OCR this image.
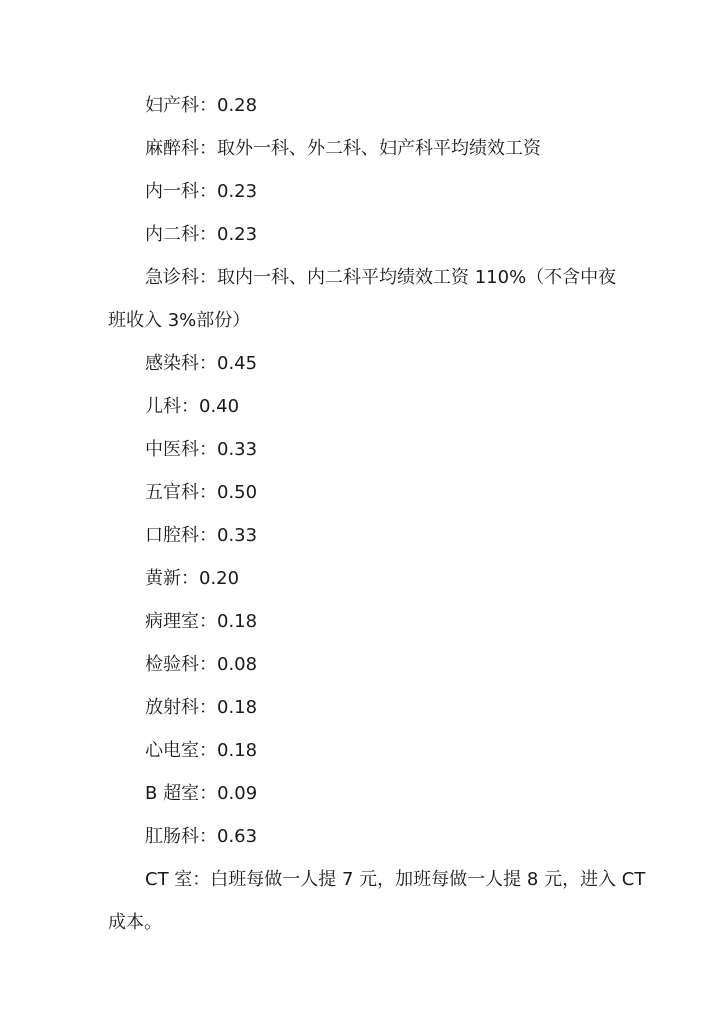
妇产科：0.28
麻醉科：取外一科、外二科、妇产科平均绩效工资
内一科：0.23
内二科：0.23
急诊科：取内一科、内二科平均绩效工资 110%（不含中夜
班收入 3%部份）
感染科：0.45
儿科：0.40
中医科：0.33
五官科：0.50
口腔科：0.33
黄新：0.20
病理室：0.18
检验科：0.08
放射科：0.18
心电室：0.18
B 超室：0.09
肛肠科：0.63
CT 室：白班每做一人提 7 元，加班每做一人提 8 元，进入 CT
成本。
